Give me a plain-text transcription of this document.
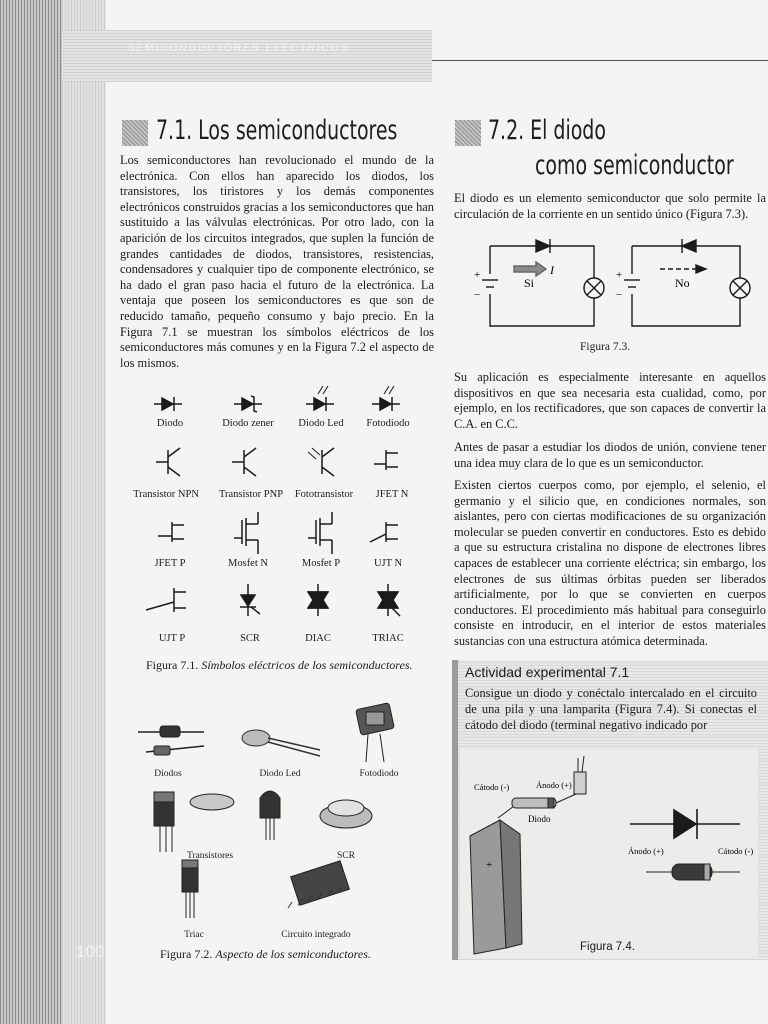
SEMICONDUCTORES ELÉCTRICOS
100
7.1. Los semiconductores

Los semiconductores han revolucionado el mundo de la electrónica. Con ellos han aparecido los diodos, los transistores, los tiristores y los demás componentes electrónicos construidos gracias a los semiconductores que han sustituido a las válvulas electrónicas. Por otro lado, con la aparición de los circuitos integrados, que suplen la función de grandes cantidades de diodos, transistores, resistencias, condensadores y cualquier tipo de componente electrónico, se ha dado el gran paso hacia el futuro de la electrónica. La ventaja que poseen los semiconductores es que son de reducido tamaño, pequeño consumo y bajo precio. En la Figura 7.1 se muestran los símbolos eléctricos de los semiconductores más comunes y en la Figura 7.2 el aspecto de los mismos.

Diodo	Diodo zener	Diodo Led	Fotodiodo
Transistor NPN	Transistor PNP	Fototransistor	JFET N
JFET P	Mosfet N	Mosfet P	UJT N
UJT P	SCR	DIAC	TRIAC
Figura 7.1. Símbolos eléctricos de los semiconductores.
Diodos	Diodo Led	Fotodiodo
Transistores	SCR
Triac	Circuito integrado
Figura 7.2. Aspecto de los semiconductores.
7.2. El diodo
como semiconductor

El diodo es un elemento semiconductor que solo permite la circulación de la corriente en un sentido único (Figura 7.3).

+
−
+
−
I
Si	No
Figura 7.3.

Su aplicación es especialmente interesante en aquellos dispositivos en que sea necesaria esta cualidad, como, por ejemplo, en los rectificadores, que son capaces de convertir la C.A. en C.C.

Antes de pasar a estudiar los diodos de unión, conviene tener una idea muy clara de lo que es un semiconductor.

Existen ciertos cuerpos como, por ejemplo, el selenio, el germanio y el silicio que, en condiciones normales, son aislantes, pero con ciertas modificaciones de su organización molecular se pueden convertir en conductores. Esto es debido a que su estructura cristalina no dispone de electrones libres capaces de establecer una corriente eléctrica; sin embargo, los electrones de sus últimas órbitas pueden ser liberados artificialmente, por lo que se convierten en cuerpos conductores. El procedimiento más habitual para conseguirlo consiste en introducir, en el interior de estos materiales sustancias con una estructura atómica determinada.

Actividad experimental 7.1

Consigue un diodo y conéctalo intercalado en el circuito de una pila y una lamparita (Figura 7.4). Si conectas el cátodo del diodo (terminal negativo indicado por

Cátodo (-)	Ánodo (+)
Diodo
+
Ánodo (+)	Cátodo (-)
Figura 7.4.
